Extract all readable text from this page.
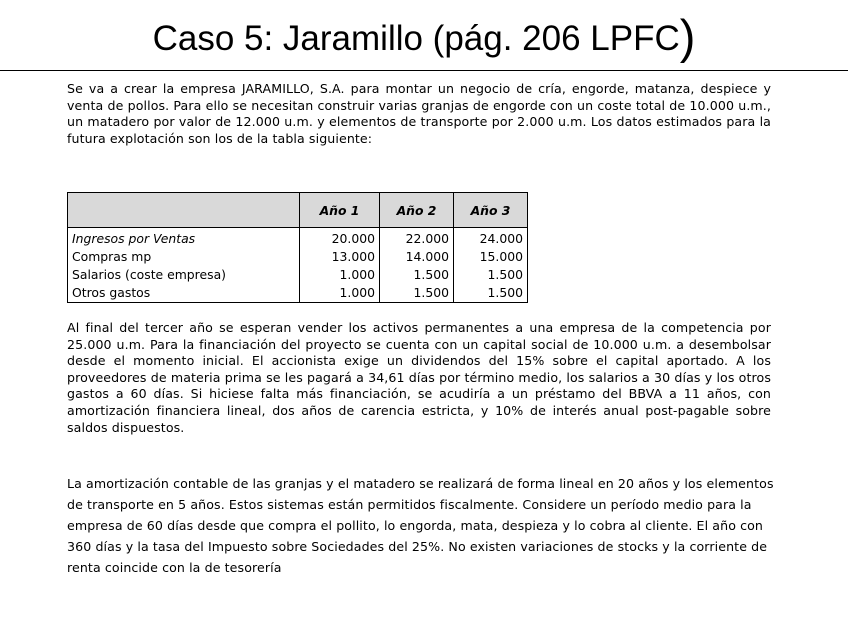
Caso 5: Jaramillo (pág. 206 LPFC)

Se va a crear la empresa JARAMILLO, S.A. para montar un negocio de cría, engorde, matanza, despiece y venta de pollos. Para ello se necesitan construir varias granjas de engorde con un coste total de 10.000 u.m., un matadero por valor de 12.000 u.m. y elementos de transporte por 2.000 u.m. Los datos estimados para la futura explotación son los de la tabla siguiente:

	Año 1	Año 2	Año 3
Ingresos por Ventas	20.000	22.000	24.000
Compras mp	13.000	14.000	15.000
Salarios (coste empresa)	1.000	1.500	1.500
Otros gastos	1.000	1.500	1.500

Al final del tercer año se esperan vender los activos permanentes a una empresa de la competencia por 25.000 u.m. Para la financiación del proyecto se cuenta con un capital social de 10.000 u.m. a desembolsar desde el momento inicial. El accionista exige un dividendos del 15% sobre el capital aportado. A los proveedores de materia prima se les pagará a 34,61 días por término medio, los salarios a 30 días y los otros gastos a 60 días. Si hiciese falta más financiación, se acudiría a un préstamo del BBVA a 11 años, con amortización financiera lineal, dos años de carencia estricta, y 10% de interés anual post-pagable sobre saldos dispuestos.

La amortización contable de las granjas y el matadero se realizará de forma lineal en 20 años y los elementos de transporte en 5 años. Estos sistemas están permitidos fiscalmente. Considere un período medio para la empresa de 60 días desde que compra el pollito, lo engorda, mata, despieza y lo cobra al cliente. El año con 360 días y la tasa del Impuesto sobre Sociedades del 25%. No existen variaciones de stocks y la corriente de renta coincide con la de tesorería
